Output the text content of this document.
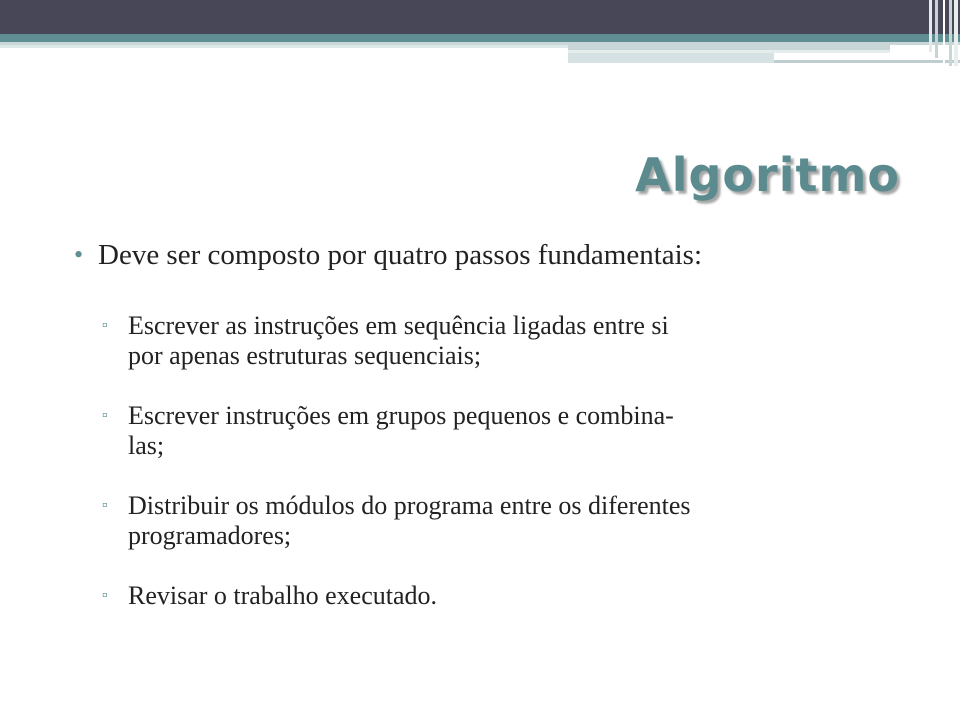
Algoritmo
• Deve ser composto por quatro passos fundamentais:
▫ Escrever as instruções em sequência ligadas entre si
por apenas estruturas sequenciais;
▫ Escrever instruções em grupos pequenos e combina-
las;
▫ Distribuir os módulos do programa entre os diferentes
programadores;
▫ Revisar o trabalho executado.
